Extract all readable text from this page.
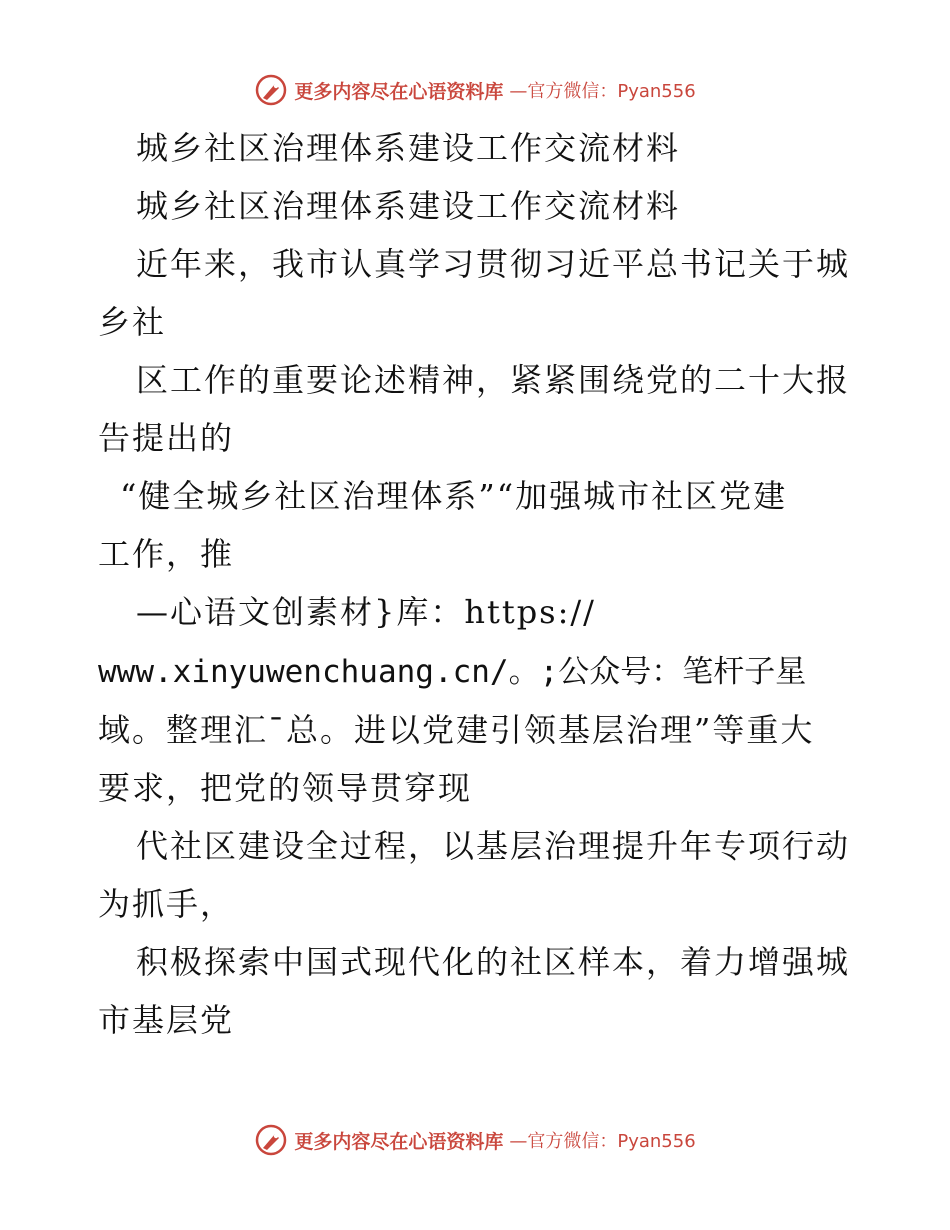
更多内容尽在心语资料库 —官方微信：Pyan556
城乡社区治理体系建设工作交流材料
城乡社区治理体系建设工作交流材料
近年来，我市认真学习贯彻习近平总书记关于城
乡社
区工作的重要论述精神，紧紧围绕党的二十大报
告提出的
“健全城乡社区治理体系”“加强城市社区党建
工作，推
—心语文创素材}库：https://
www.xinyuwenchuang.cn/。;公众号：笔杆子星
域。整理汇¯总。进以党建引领基层治理”等重大
要求，把党的领导贯穿现
代社区建设全过程，以基层治理提升年专项行动
为抓手，
积极探索中国式现代化的社区样本，着力增强城
市基层党
更多内容尽在心语资料库 —官方微信：Pyan556
